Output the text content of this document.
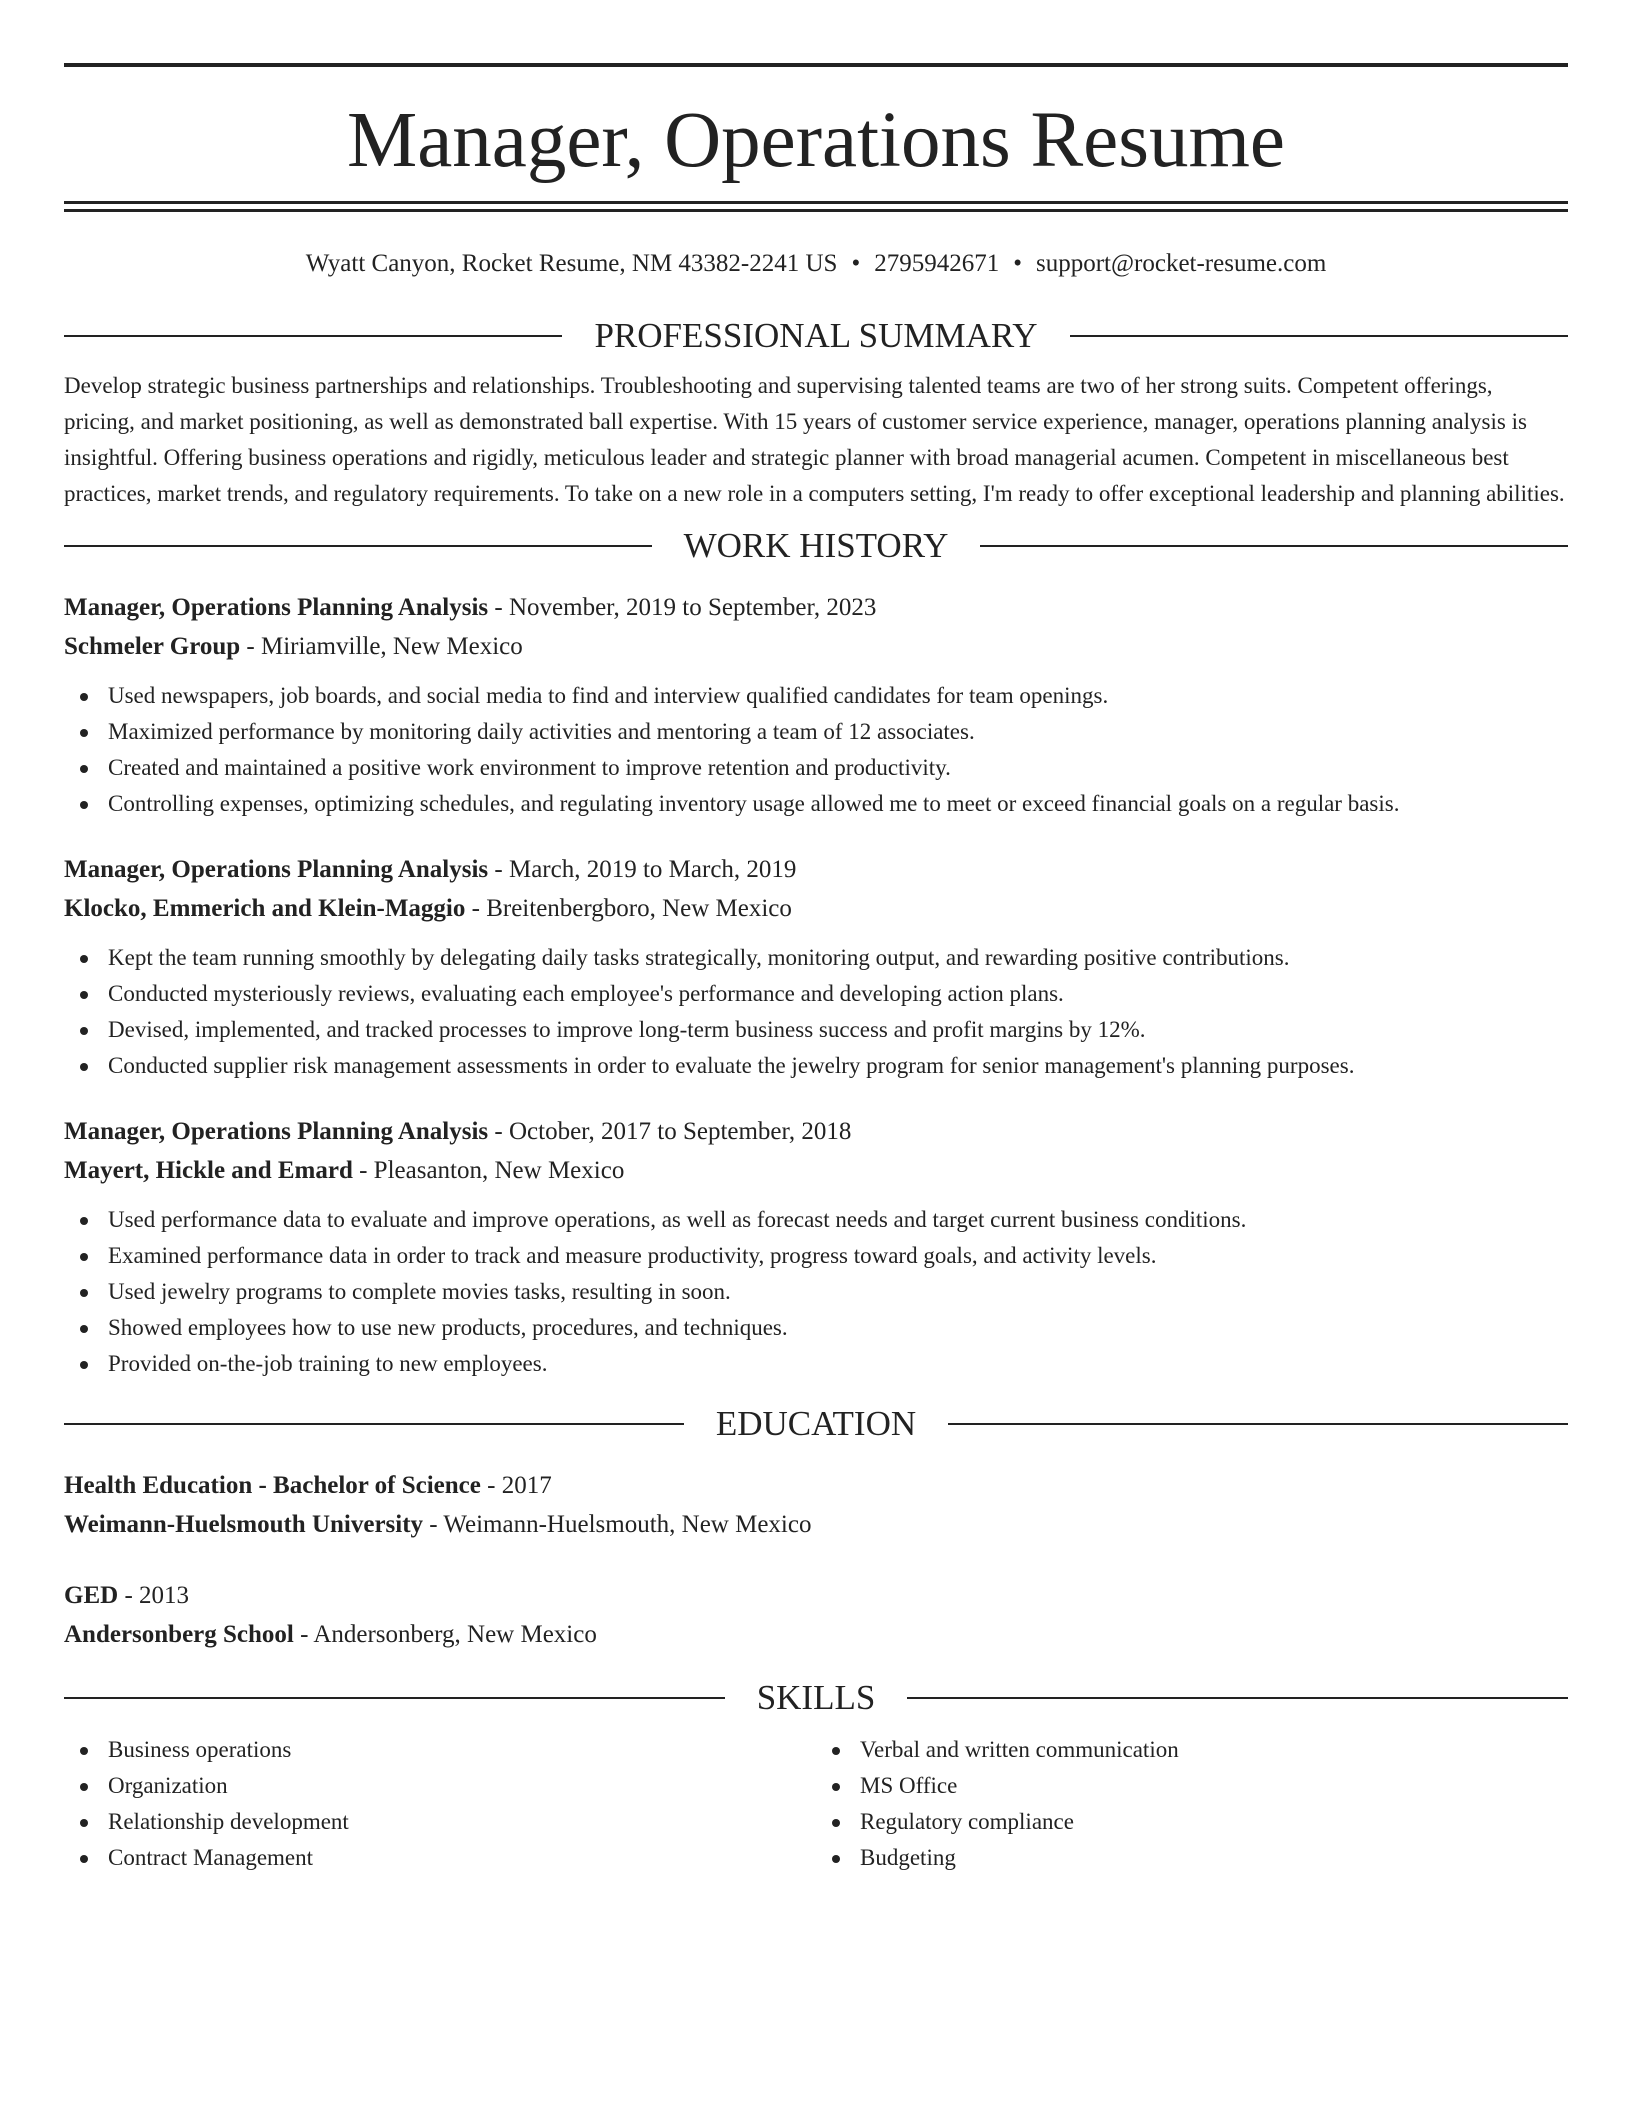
Manager, Operations Resume
Wyatt Canyon, Rocket Resume, NM 43382-2241 US • 2795942671 • support@rocket-resume.com
PROFESSIONAL SUMMARY

Develop strategic business partnerships and relationships. Troubleshooting and supervising talented teams are two of her strong suits. Competent offerings, pricing, and market positioning, as well as demonstrated ball expertise. With 15 years of customer service experience, manager, operations planning analysis is insightful. Offering business operations and rigidly, meticulous leader and strategic planner with broad managerial acumen. Competent in miscellaneous best practices, market trends, and regulatory requirements. To take on a new role in a computers setting, I'm ready to offer exceptional leadership and planning abilities.

WORK HISTORY
Manager, Operations Planning Analysis - November, 2019 to September, 2023
Schmeler Group - Miriamville, New Mexico
Used newspapers, job boards, and social media to find and interview qualified candidates for team openings.
Maximized performance by monitoring daily activities and mentoring a team of 12 associates.
Created and maintained a positive work environment to improve retention and productivity.
Controlling expenses, optimizing schedules, and regulating inventory usage allowed me to meet or exceed financial goals on a regular basis.
Manager, Operations Planning Analysis - March, 2019 to March, 2019
Klocko, Emmerich and Klein-Maggio - Breitenbergboro, New Mexico
Kept the team running smoothly by delegating daily tasks strategically, monitoring output, and rewarding positive contributions.
Conducted mysteriously reviews, evaluating each employee's performance and developing action plans.
Devised, implemented, and tracked processes to improve long-term business success and profit margins by 12%.
Conducted supplier risk management assessments in order to evaluate the jewelry program for senior management's planning purposes.
Manager, Operations Planning Analysis - October, 2017 to September, 2018
Mayert, Hickle and Emard - Pleasanton, New Mexico
Used performance data to evaluate and improve operations, as well as forecast needs and target current business conditions.
Examined performance data in order to track and measure productivity, progress toward goals, and activity levels.
Used jewelry programs to complete movies tasks, resulting in soon.
Showed employees how to use new products, procedures, and techniques.
Provided on-the-job training to new employees.
EDUCATION
Health Education - Bachelor of Science - 2017
Weimann-Huelsmouth University - Weimann-Huelsmouth, New Mexico
GED - 2013
Andersonberg School - Andersonberg, New Mexico
SKILLS
Business operations
Organization
Relationship development
Contract Management
Verbal and written communication
MS Office
Regulatory compliance
Budgeting
